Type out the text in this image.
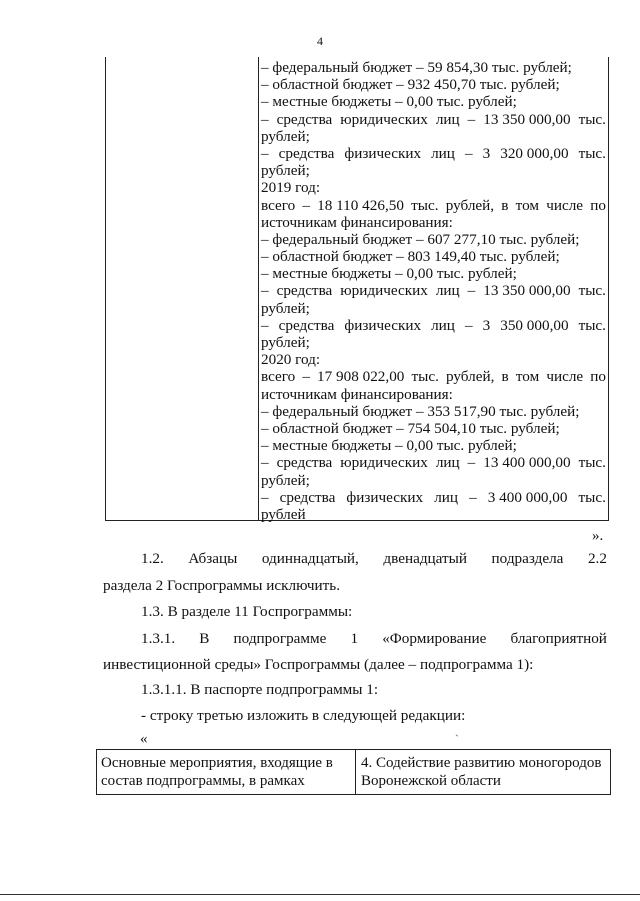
4
– федеральный бюджет – 59 854,30 тыс. рублей;
– областной бюджет – 932 450,70 тыс. рублей;
– местные бюджеты – 0,00 тыс. рублей;
– средства юридических лиц – 13 350 000,00 тыс.
рублей;
– средства физических лиц – 3 320 000,00 тыс.
рублей;
2019 год:
всего – 18 110 426,50 тыс. рублей, в том числе по
источникам финансирования:
– федеральный бюджет – 607 277,10 тыс. рублей;
– областной бюджет – 803 149,40 тыс. рублей;
– местные бюджеты – 0,00 тыс. рублей;
– средства юридических лиц – 13 350 000,00 тыс.
рублей;
– средства физических лиц – 3 350 000,00 тыс.
рублей;
2020 год:
всего – 17 908 022,00 тыс. рублей, в том числе по
источникам финансирования:
– федеральный бюджет – 353 517,90 тыс. рублей;
– областной бюджет – 754 504,10 тыс. рублей;
– местные бюджеты – 0,00 тыс. рублей;
– средства юридических лиц – 13 400 000,00 тыс.
рублей;
– средства физических лиц – 3 400 000,00 тыс.
рублей
».
1.2. Абзацы одиннадцатый, двенадцатый подраздела 2.2
раздела 2 Госпрограммы исключить.
1.3. В разделе 11 Госпрограммы:
1.3.1. В подпрограмме 1 «Формирование благоприятной
инвестиционной среды» Госпрограммы (далее – подпрограмма 1):
1.3.1.1. В паспорте подпрограммы 1:
- строку третью изложить в следующей редакции:
«	`
Основные мероприятия, входящие в
состав подпрограммы, в рамках
4. Содействие развитию моногородов
Воронежской области
